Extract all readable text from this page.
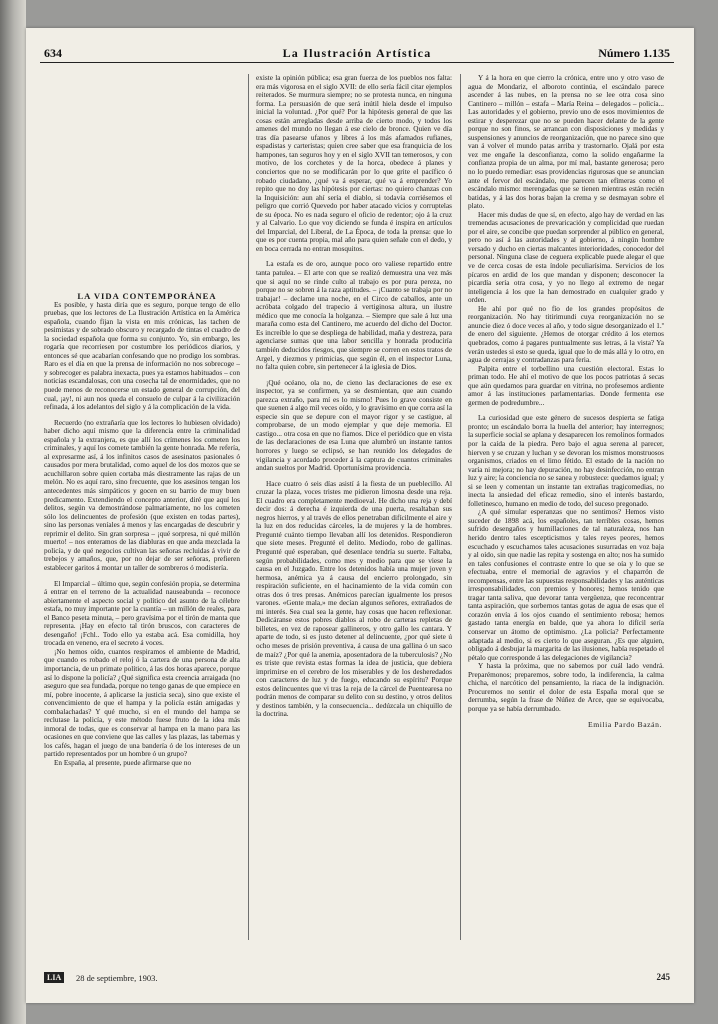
634	La Ilustración Artística	Número 1.135

LA VIDA CONTEMPORÁNEA

Es posible, y hasta diría que es seguro, porque tengo de ello pruebas, que los lectores de La Ilustración Artística en la América española, cuando fijan la vista en mis crónicas, las tachen de pesimistas y de sobrado obscuro y recargado de tintas el cuadro de la sociedad española que forma su conjunto. Yo, sin embargo, les rogaría que recorriesen por costumbre los periódicos diarios, y entonces sé que acabarían confesando que no prodigo los sombras. Raro es el día en que la prensa de información no nos sobrecoge – y sobrecoger es palabra inexacta, pues ya estamos habituados – con noticias escandalosas, con una cosecha tal de enormidades, que no puede menos de reconocerse un estado general de corrupción, del cual, ¡ay!, ni aun nos queda el consuelo de culpar á la civilización refinada, á los adelantos del siglo y á la complicación de la vida.

Recuerdo (no extrañaría que los lectores lo hubiesen olvidado) haber dicho aquí mismo que la diferencia entre la criminalidad española y la extranjera, es que allí los crímenes los cometen los criminales, y aquí los comete también la gente honrada. Me refería, al expresarme así, á los infinitos casos de asesinatos pasionales ó causados por mera brutalidad, como aquel de los dos mozos que se acuchillaron sobre quien cortaba más diestramente las rajas de un melón. No es aquí raro, sino frecuente, que los asesinos tengan los antecedentes más simpáticos y gocen en su barrio de muy buen predicamento. Extendiendo el concepto anterior, diré que aquí los delitos, según va demostrándose palmariamente, no los cometen sólo los delincuentes de profesión (que existen en todas partes), sino las personas veníales á menos y las encargadas de descubrir y reprimir el delito. Sin gran sorpresa – ¡qué sorpresa, ni qué millón muerto! – nos enteramos de las diabluras en que anda mezclada la policía, y de qué negocios cultivan las señoras recluidas á vivir de trebejos y amaños, que, por no dejar de ser señoras, prefieren establecer garitos á montar un taller de sombreros ó modistería.

El Imparcial – último que, según confesión propia, se determina á entrar en el terreno de la actualidad nauseabunda – reconoce abiertamente el aspecto social y político del asunto de la célebre estafa, no muy importante por la cuantía – un millón de reales, para el Banco peseta minuta, – pero gravísima por el tirón de manta que representa. ¡Hay en efecto tal tirón bruscos, con caracteres de desengaño! ¡Fchl.. Todo ello ya estaba acá. Esa comidilla, hoy trocada en veneno, era el secreto á voces.

¡No hemos oído, cuantos respiramos el ambiente de Madrid, que cuando es robado el reloj ó la cartera de una persona de alta importancia, de un primate político, á las dos horas aparece, porque así lo dispone la policía? ¿Qué significa esta creencia arraigada (no aseguro que sea fundada, porque no tengo ganas de que empiece en mí, pobre inocente, á aplicarse la justicia seca), sino que existe el convencimiento de que el hampa y la policía están amigadas y combalachadas? Y qué mucho, si en el mundo del hampa se reclutase la policía, y este método fuese fruto de la idea más inmoral de todas, que es conservar al hampa en la mano para las ocasiones en que conviene que las calles y las plazas, las tabernas y los cafés, hagan el juego de una bandería ó de los intereses de un partido representados por un hombre ó un grupo?

En España, al presente, puede afirmarse que no

existe la opinión pública; esa gran fuerza de los pueblos nos falta: era más vigorosa en el siglo XVII: de ello sería fácil citar ejemplos reiterados. Se murmura siempre; no se protesta nunca, en ninguna forma. La persuasión de que será inútil hiela desde el impulso inicial la voluntad. ¿Por qué? Por la hipótesis general de que las cosas están arregladas desde arriba de cierto modo, y todos los amenes del mundo no llegan á ese cielo de bronce. Quien ve día tras día pasearse ufanos y libres á los más afamados rufianes, espadistas y carteristas; quien cree saber que esa franquicia de los hampones, tan seguros hoy y en el siglo XVII tan temerosos, y con motivo, de los corchetes y de la horca, obedece á planes y conciertos que no se modificarán por lo que grite el pacífico ó robado ciudadano, ¿qué va á esperar, qué va á emprender? Yo repito que no doy las hipótesis por ciertas: no quiero chanzas con la Inquisición: aun ahí sería el diablo, si todavía corriésemos el peligro que corrió Quevedo por haber atacado vicios y corruptelas de su época. No es nada seguro el oficio de redentor; ojo á la cruz y al Calvario. Lo que voy diciendo se funda é inspira en artículos del Imparcial, del Liberal, de La Época, de toda la prensa: que lo que es por cuenta propia, mal año para quien señale con el dedo, y en boca cerrada no entran mosquitos.

La estafa es de oro, aunque poco oro valiese repartido entre tanta patulea. – El arte con que se realizó demuestra una vez más que si aquí no se rinde culto al trabajo es por pura pereza, no porque no se sobren á la raza aptitudes. – ¡Cuanto se trabaja por no trabajar! – declame una noche, en el Circo de caballos, ante un acróbata colgado del trapecio á vertiginosa altura, un ilustre médico que me conocía la holganza. – Siempre que sale á luz una maraña como esta del Cantinero, me acuerdo del dicho del Doctor. Es increíble lo que se despliega de habilidad, maña y destreza, para agenciarse sumas que una labor sencilla y honrada produciría también deducidos riesgos, que siempre se corren en estos tratos de Argel, y diezmos y primicias, que según él, en el inspector Luna, no falta quien cobre, sin pertenecer á la iglesia de Dios.

¡Qué océano, ola no, de cieno las declaraciones de ese ex inspector, ya se confirmen, ya se desmientan, que aun cuando parezca extraño, para mí es lo mismo! Pues lo grave consiste en que suenen á algo mil veces oído, y lo gravísimo en que corra así la especie sin que se depure con el mayor rigor y se castigue, al comprobarse, de un modo ejemplar y que deje memoria. El castigo... otra cosa en que no fiamos. Dice el periódico que en vista de las declaraciones de esa Luna que alumbró un instante tantos horrores y luego se eclipsó, se han reunido los delegados de vigilancia y acordado proceder á la captura de cuantos criminales andan sueltos por Madrid. Oportunísima providencia.

Hace cuatro ó seis días asistí á la fiesta de un pueblecillo. Al cruzar la plaza, voces tristes me pidieron limosna desde una reja. El cuadro era completamente medioeval. He dicho una reja y debí decir dos: á derecha é izquierda de una puerta, resaltaban sus negros hierros, y al través de ellos penetraban difícilmente el aire y la luz en dos reducidas cárceles, la de mujeres y la de hombres. Pregunté cuánto tiempo llevaban allí los detenidos. Respondieron que siete meses. Pregunté el delito. Mediodo, robo de gallinas. Pregunté qué esperaban, qué desenlace tendría su suerte. Faltaba, según probabilidades, como mes y medio para que se viese la causa en el Juzgado. Entre los detenidos había una mujer joven y hermosa, anémica ya á causa del encierro prolongado, sin respiración suficiente, en el hacinamiento de la vida común con otras dos ó tres presas. Anémicos parecían igualmente los presos varones. «Gente mala,» me decían algunos señores, extrañados de mi interés. Sea cual sea la gente, hay cosas que hacen reflexionar. Dedicáranse estos pobres diablos al robo de carteras repletas de billetes, en vez de raposear gallineros, y otro gallo les cantara. Y aparte de todo, si es justo detener al delincuente, ¿por qué siete ú ocho meses de prisión preventiva, á causa de una gallina ó un saco de maíz? ¿Por qué la anemia, aposentadora de la tuberculosis? ¿No es triste que revista estas formas la idea de justicia, que debiera imprimirse en el cerebro de los miserables y de los desheredados con caracteres de luz y de fuego, educando su espíritu? Porque estos delincuentes que vi tras la reja de la cárcel de Puentearesa no podrán menos de comparar su delito con su destino, y otros delitos y destinos también, y la consecuencia... dedúzcala un chiquillo de la doctrina.

Y á la hora en que cierro la crónica, entre uno y otro vaso de agua de Mondariz, el alboroto continúa, el escándalo parece ascender á las nubes, en la prensa no se lee otra cosa sino Cantinero – millón – estafa – María Reina – delegados – policía... Las autoridades y el gobierno, previo uno de esos movimientos de estirar y desperezar que no se pueden hacer delante de la gente porque no son finos, se arrancan con disposiciones y medidas y suspensiones y anuncios de reorganización, que no parece sino que van á volver el mundo patas arriba y trastornarlo. Ojalá por esta vez me engañe la desconfianza, como la solido engañarme la confianza propia de un alma, por mí mal, bastante generosa; pero no lo puedo remediar: esas providencias rigurosas que se anuncian ante el fervor del escándalo, me parecen tan efímeras como el escándalo mismo: merengadas que se tienen mientras están recién batidas, y á las dos horas bajan la crema y se desmayan sobre el plato.

Hacer mis dudas de que sí, en efecto, algo hay de verdad en las tremendas acusaciones de prevaricación y complicidad que ruedan por el aire, se concibe que puedan sorprender al público en general, pero no así á las autoridades y al gobierno, á ningún hombre versado y ducho en ciertas malcantes interioridades, conocedor del personal. Ninguna clase de ceguera explicable puede alegar el que ve de cerca cosas de esta índole peculiarísima. Servicios de los pícaros en ardid de los que mandan y disponen; desconocer la picardía sería otra cosa, y yo no llego al extremo de negar inteligencia á los que la han demostrado en cualquier grado y orden.

He ahí por qué no fío de los grandes propósitos de reorganización. No hay titirimundi cuya reorganización no se anuncie diez ó doce veces al año, y todo sigue desorganizado el 1.º de enero del siguiente. ¿Hemos de otorgar crédito á los eternos quebrados, como á pagares puntualmente sus letras, á la vista? Ya verán ustedes si esto se queda, igual que lo de más allá y lo otro, en agua de cerrajas y contradanzas para feria.

Palpita entre el torbellino una cuestión electoral. Estas lo priman todo. He ahí el motivo de que los pocos patriotas á secas que aún quedamos para guardar en vitrina, no profesemos ardiente amor á las instituciones parlamentarias. Donde fermenta ese germen de podredumbre...

La curiosidad que este género de sucesos despierta se fatiga pronto; un escándalo borra la huella del anterior; hay interregnos; la superficie social se aplana y desaparecen los remolinos formados por la caída de la piedra. Pero bajo el agua serena al parecer, hierven y se cruzan y luchan y se devoran los mismos monstruosos organismos, criados en el limo fétido. El estado de la nación no varía ni mejora; no hay depuración, no hay desinfección, no entran luz y aire; la conciencia no se sanea y robustece: quedamos igual; y si se leen y comentan un instante tan extrañas tragicomedias, no inecta la ansiedad del eficaz remedio, sino el interés bastardo, folletinesco, humano en medio de todo, del suceso pregonado.

¿A qué simular esperanzas que no sentimos? Hemos visto suceder de 1898 acá, los españoles, tan terribles cosas, hemos sufrido desengaños y humillaciones de tal naturaleza, nos han herido dentro tales escepticismos y tales reyes peores, hemos escuchado y escuchamos tales acusaciones susurradas en voz baja y al oído, sin que nadie las repita y sostenga en alto; nos ha sumido en tales confusiones el contraste entre lo que se oía y lo que se efectuaba, entre el memorial de agravios y el chaparrón de recompensas, entre las supuestas responsabilidades y las auténticas irresponsabilidades, con premios y honores; hemos tenido que tragar tanta saliva, que devorar tanta vergüenza, que reconcentrar tanta aspiración, que sorbernos tantas gotas de agua de esas que el corazón envía á los ojos cuando el sentimiento rebosa; hemos gastado tanta energía en balde, que ya ahora lo difícil sería conservar un átomo de optimismo. ¿La policía? Perfectamente adaptada al medio, si es cierto lo que aseguran. ¿Es que alguien, obligado á desbujar la margarita de las ilusiones, había respetado el pétalo que corresponde á las delegaciones de vigilancia?

Y hasta la próxima, que no sabemos por cuál lado vendrá. Preparémonos; preparemos, sobre todo, la indiferencia, la calma chicha, el narcótico del pensamiento, la riaca de la indignación. Procuremos no sentir el dolor de esta España moral que se derrumba, según la frase de Núñez de Arce, que se equivocaba, porque ya se había derrumbado.

Emilia Pardo Bazán.

LIA	28 de septiembre, 1903.	245
